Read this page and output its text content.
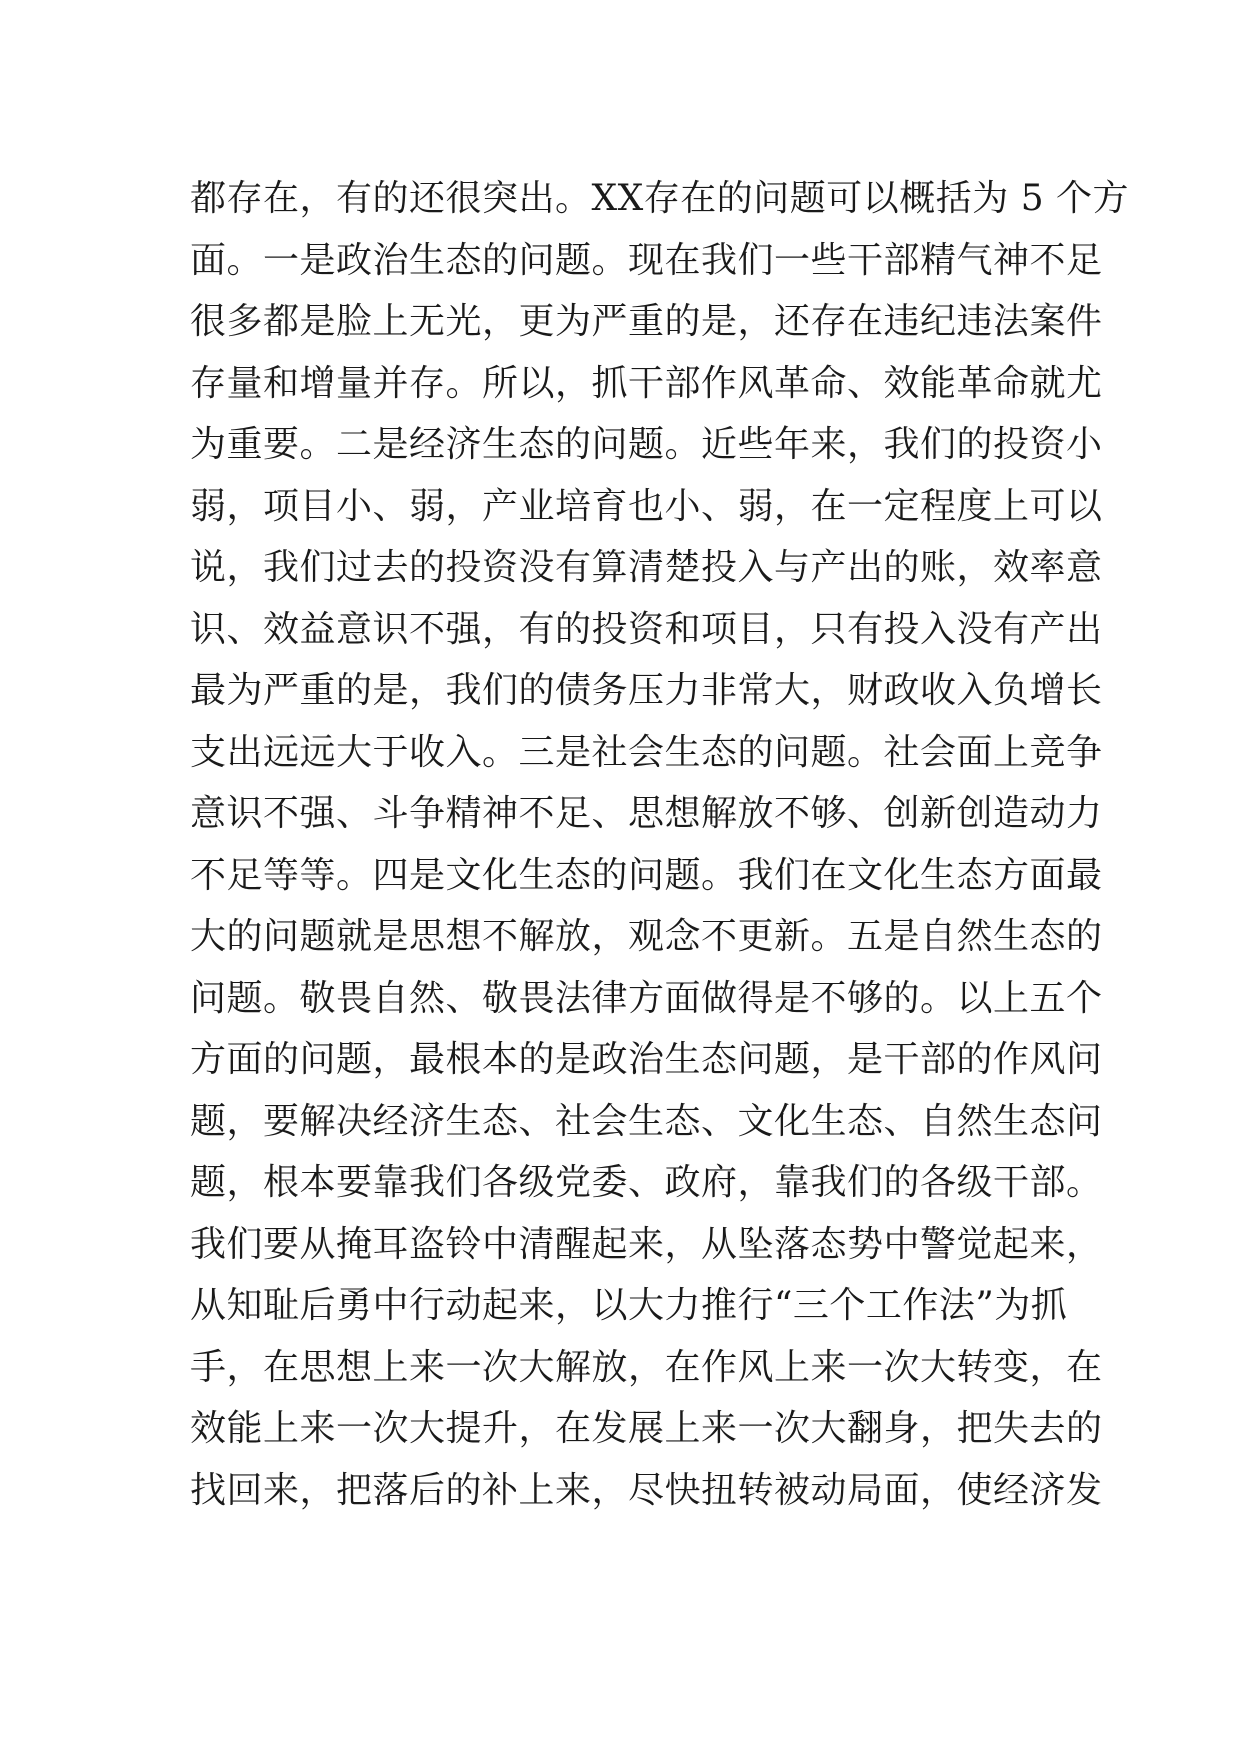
都存在，有的还很突出。XX存在的问题可以概括为 5 个方
面。一是政治生态的问题。现在我们一些干部精气神不足
很多都是脸上无光，更为严重的是，还存在违纪违法案件
存量和增量并存。所以，抓干部作风革命、效能革命就尤
为重要。二是经济生态的问题。近些年来，我们的投资小
弱，项目小、弱，产业培育也小、弱，在一定程度上可以
说，我们过去的投资没有算清楚投入与产出的账，效率意
识、效益意识不强，有的投资和项目，只有投入没有产出
最为严重的是，我们的债务压力非常大，财政收入负增长
支出远远大于收入。三是社会生态的问题。社会面上竞争
意识不强、斗争精神不足、思想解放不够、创新创造动力
不足等等。四是文化生态的问题。我们在文化生态方面最
大的问题就是思想不解放，观念不更新。五是自然生态的
问题。敬畏自然、敬畏法律方面做得是不够的。以上五个
方面的问题，最根本的是政治生态问题，是干部的作风问
题，要解决经济生态、社会生态、文化生态、自然生态问
题，根本要靠我们各级党委、政府，靠我们的各级干部。
我们要从掩耳盗铃中清醒起来，从坠落态势中警觉起来，
从知耻后勇中行动起来，以大力推行“三个工作法”为抓
手，在思想上来一次大解放，在作风上来一次大转变，在
效能上来一次大提升，在发展上来一次大翻身，把失去的
找回来，把落后的补上来，尽快扭转被动局面，使经济发
